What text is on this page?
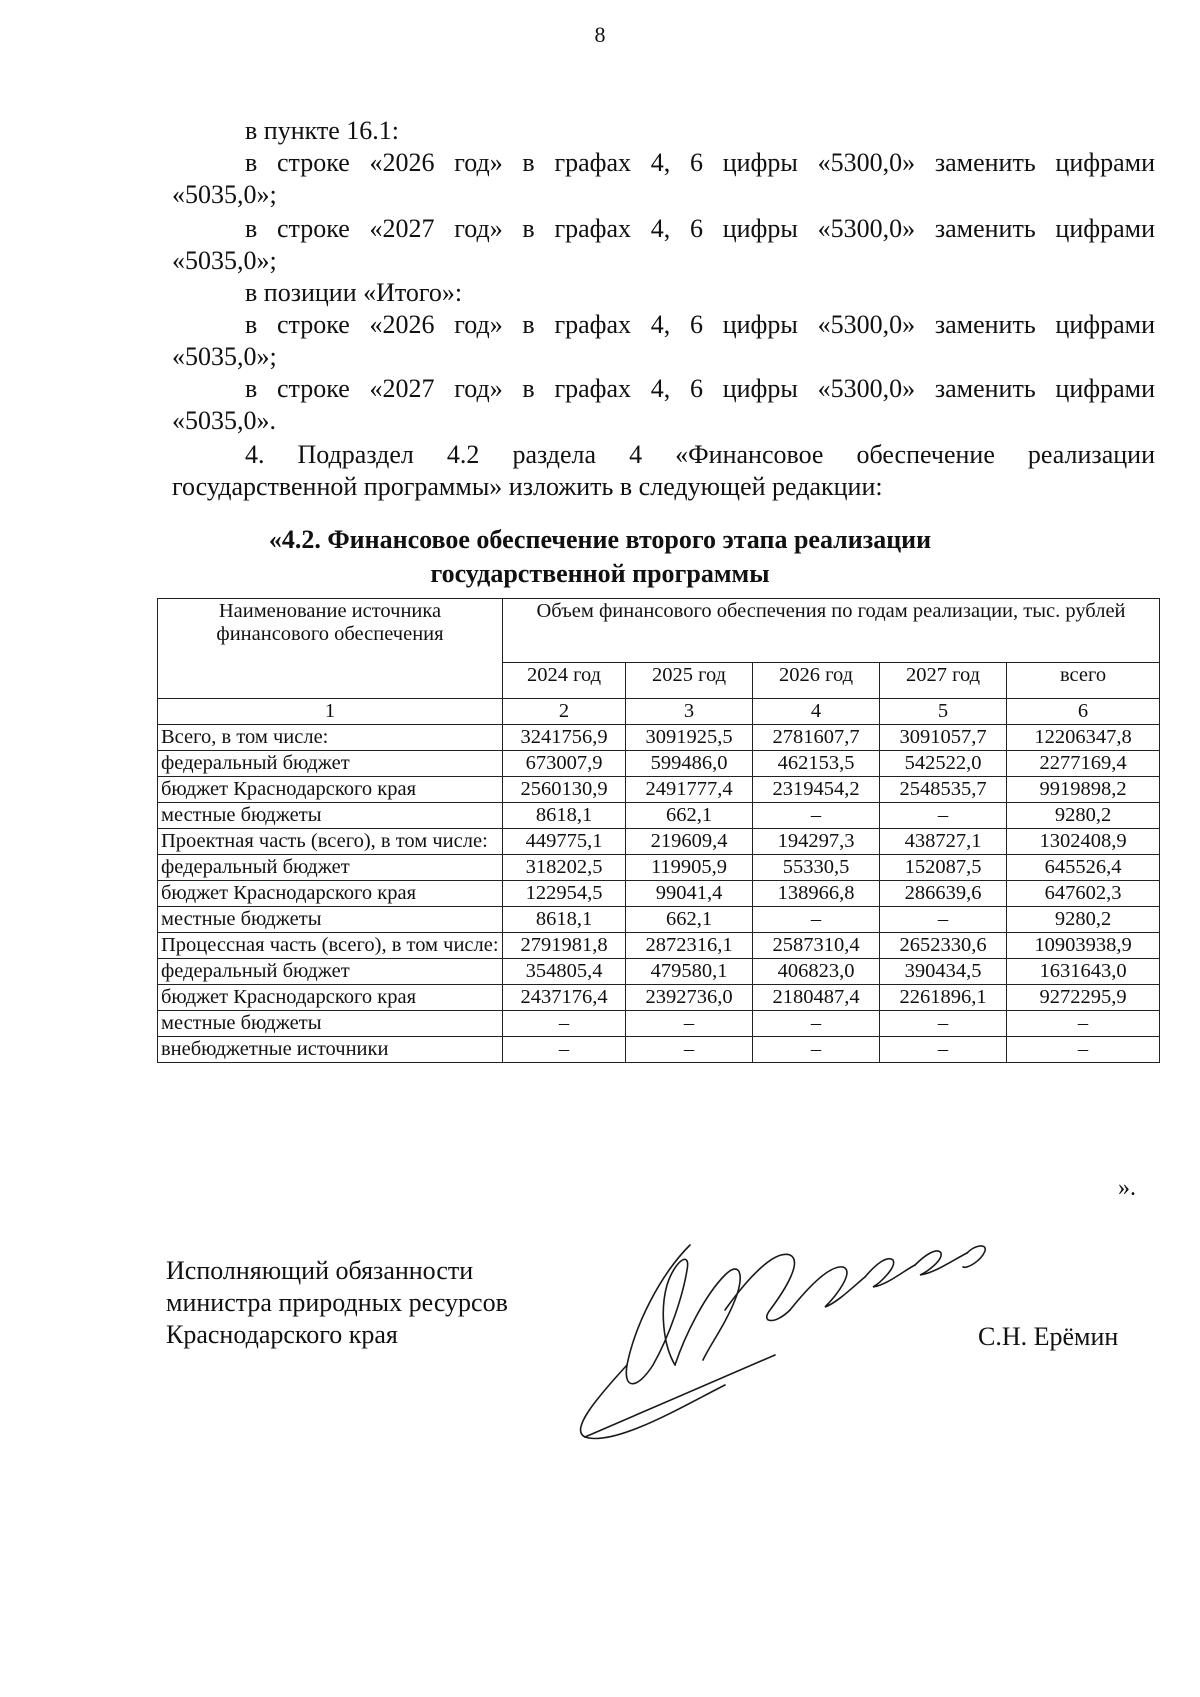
8
в пункте 16.1:
в строке «2026 год» в графах 4, 6 цифры «5300,0» заменить цифрами
«5035,0»;
в строке «2027 год» в графах 4, 6 цифры «5300,0» заменить цифрами
«5035,0»;
в позиции «Итого»:
в строке «2026 год» в графах 4, 6 цифры «5300,0» заменить цифрами
«5035,0»;
в строке «2027 год» в графах 4, 6 цифры «5300,0» заменить цифрами
«5035,0».
4. Подраздел 4.2 раздела 4 «Финансовое обеспечение реализации
государственной программы» изложить в следующей редакции:
«4.2. Финансовое обеспечение второго этапа реализации
государственной программы
Наименование источника финансового обеспечения	Объем финансового обеспечения по годам реализации, тыс. рублей				
	2024 год	2025 год	2026 год	2027 год	всего
1	2	3	4	5	6
Всего, в том числе:	3241756,9	3091925,5	2781607,7	3091057,7	12206347,8
федеральный бюджет	673007,9	599486,0	462153,5	542522,0	2277169,4
бюджет Краснодарского края	2560130,9	2491777,4	2319454,2	2548535,7	9919898,2
местные бюджеты	8618,1	662,1	–	–	9280,2
Проектная часть (всего), в том числе:	449775,1	219609,4	194297,3	438727,1	1302408,9
федеральный бюджет	318202,5	119905,9	55330,5	152087,5	645526,4
бюджет Краснодарского края	122954,5	99041,4	138966,8	286639,6	647602,3
местные бюджеты	8618,1	662,1	–	–	9280,2
Процессная часть (всего), в том числе:	2791981,8	2872316,1	2587310,4	2652330,6	10903938,9
федеральный бюджет	354805,4	479580,1	406823,0	390434,5	1631643,0
бюджет Краснодарского края	2437176,4	2392736,0	2180487,4	2261896,1	9272295,9
местные бюджеты	–	–	–	–	–
внебюджетные источники	–	–	–	–	–
».
Исполняющий обязанности
министра природных ресурсов
Краснодарского края	С.Н. Ерёмин
